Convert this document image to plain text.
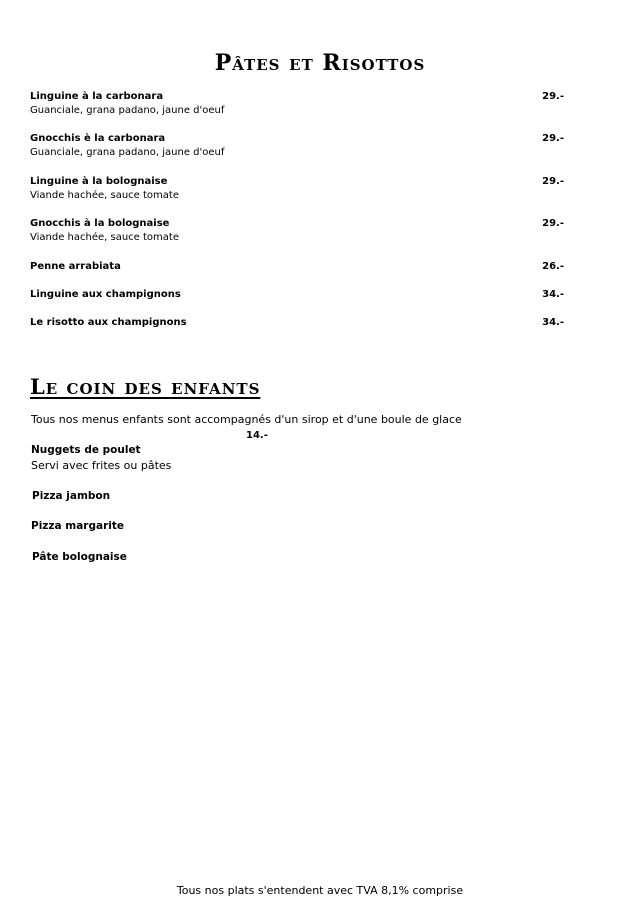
Pâtes et Risottos
Linguine à la carbonara
Guanciale, grana padano, jaune d'oeuf
29.-
Gnocchis è la carbonara
Guanciale, grana padano, jaune d'oeuf
29.-
Linguine à la bolognaise
Viande hachée, sauce tomate
29.-
Gnocchis à la bolognaise
Viande hachée, sauce tomate
29.-
Penne arrabiata	26.-
Linguine aux champignons	34.-
Le risotto aux champignons	34.-
Le coin des enfants
Tous nos menus enfants sont accompagnés d'un sirop et d'une boule de glace
14.-
Nuggets de poulet
Servi avec frites ou pâtes
Pizza jambon
Pizza margarite
Pâte bolognaise
Tous nos plats s'entendent avec TVA 8,1% comprise
